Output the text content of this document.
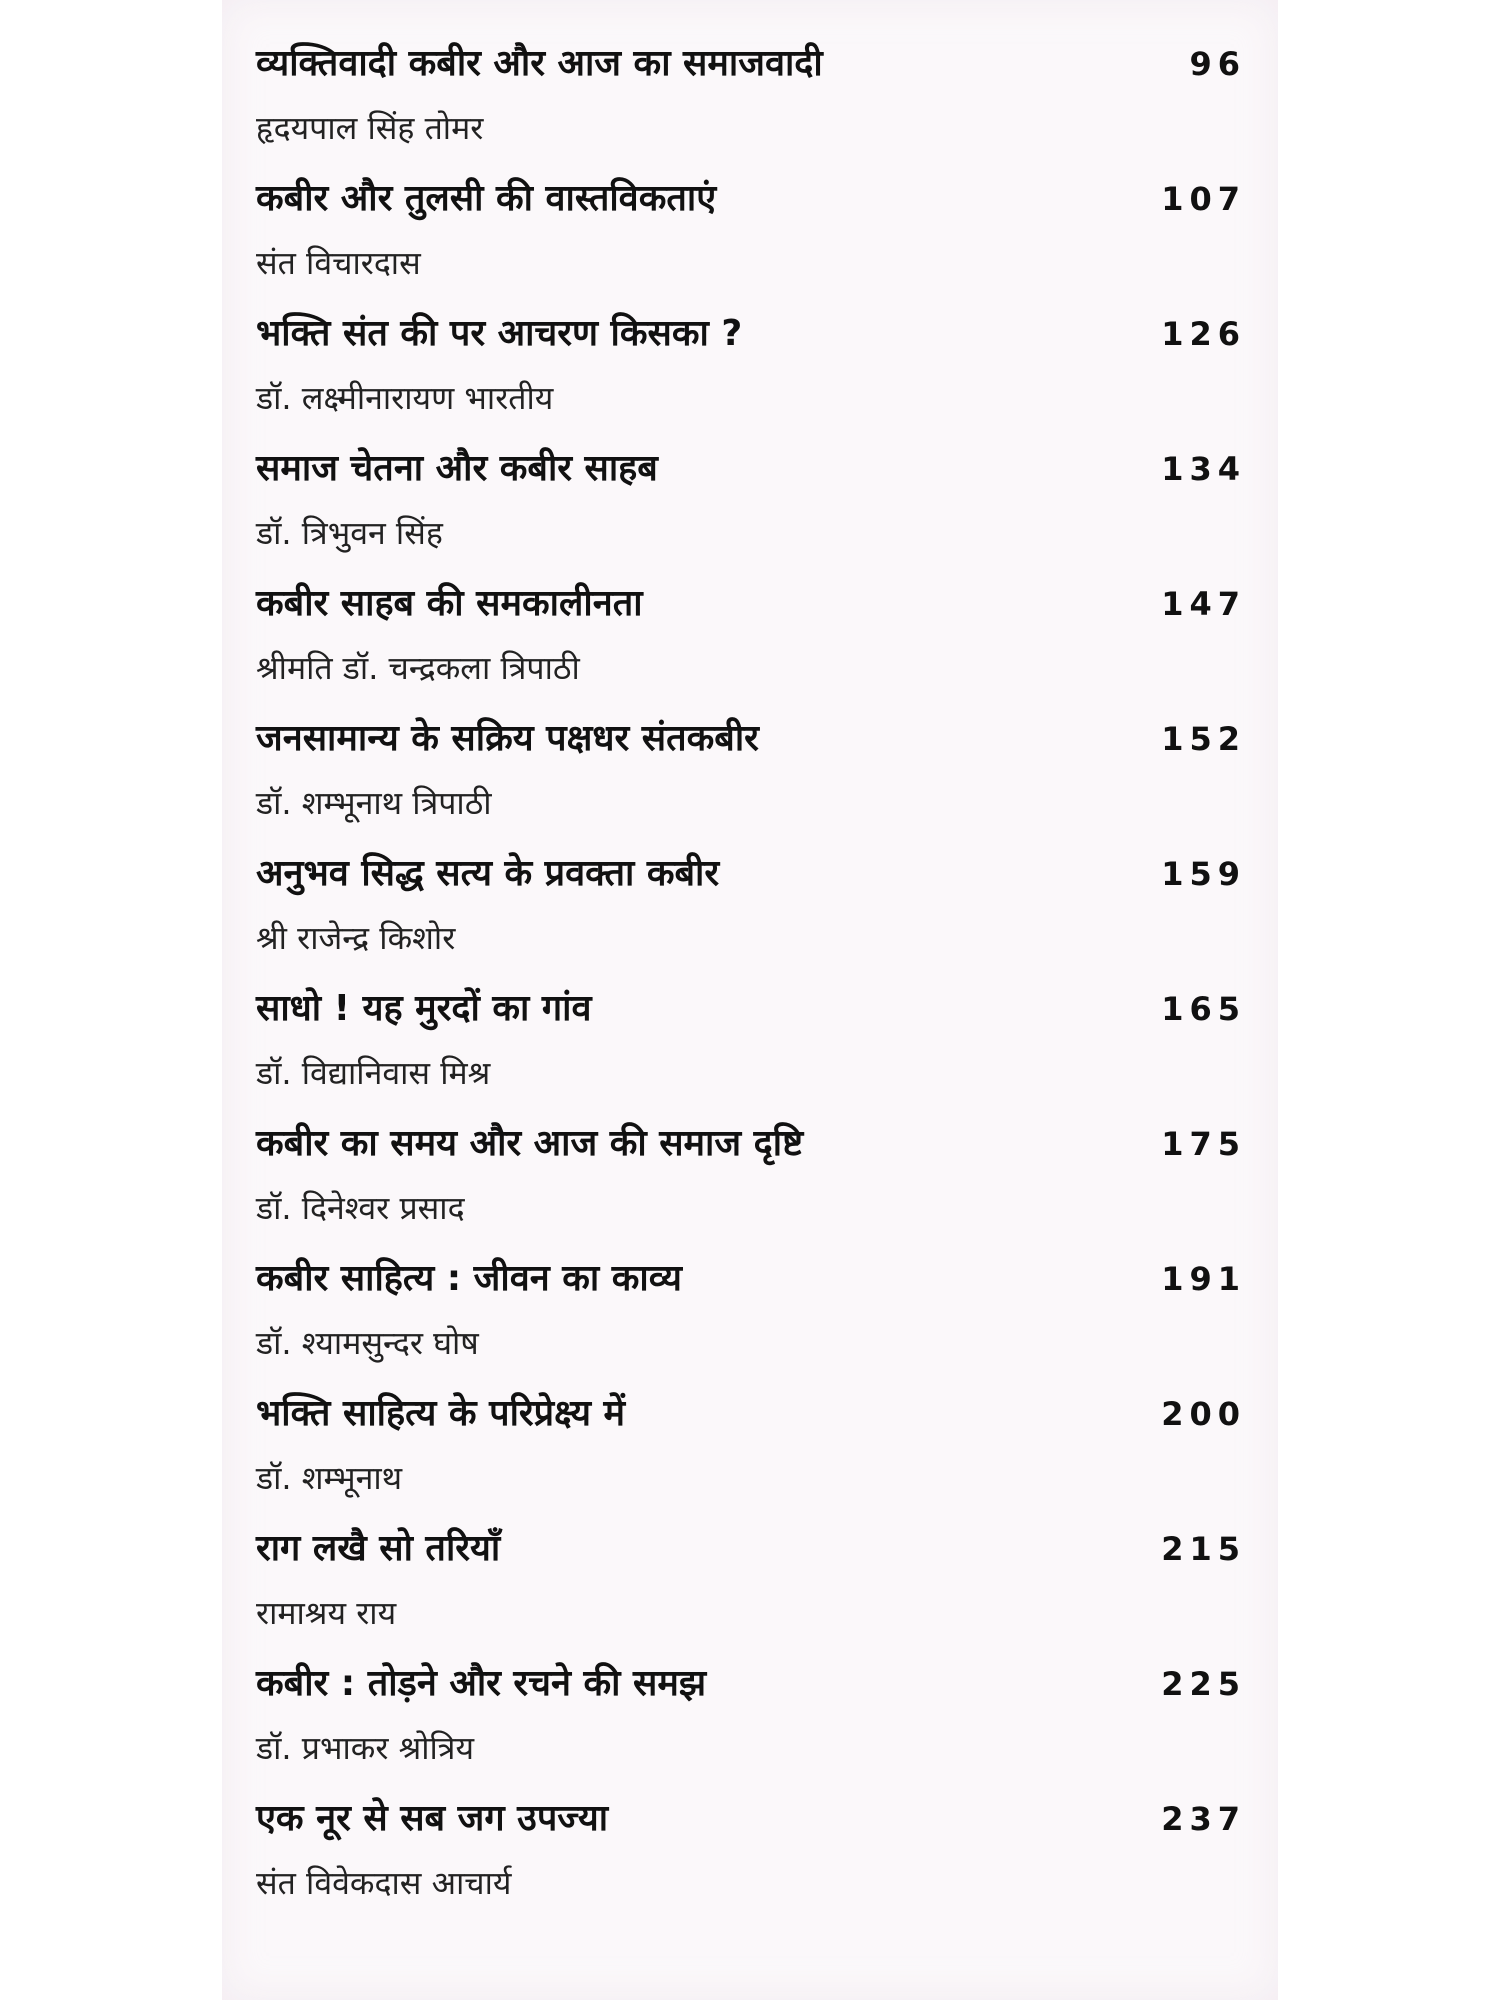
व्यक्तिवादी कबीर और आज का समाजवादी	96
हृदयपाल सिंह तोमर
कबीर और तुलसी की वास्तविकताएं	107
संत विचारदास
भक्ति संत की पर आचरण किसका ?	126
डॉ. लक्ष्मीनारायण भारतीय
समाज चेतना और कबीर साहब	134
डॉ. त्रिभुवन सिंह
कबीर साहब की समकालीनता	147
श्रीमति डॉ. चन्द्रकला त्रिपाठी
जनसामान्य के सक्रिय पक्षधर संतकबीर	152
डॉ. शम्भूनाथ त्रिपाठी
अनुभव सिद्ध सत्य के प्रवक्ता कबीर	159
श्री राजेन्द्र किशोर
साधो ! यह मुरदों का गांव	165
डॉ. विद्यानिवास मिश्र
कबीर का समय और आज की समाज दृष्टि	175
डॉ. दिनेश्वर प्रसाद
कबीर साहित्य : जीवन का काव्य	191
डॉ. श्यामसुन्दर घोष
भक्ति साहित्य के परिप्रेक्ष्य में	200
डॉ. शम्भूनाथ
राग लखै सो तरियाँ	215
रामाश्रय राय
कबीर : तोड़ने और रचने की समझ	225
डॉ. प्रभाकर श्रोत्रिय
एक नूर से सब जग उपज्या	237
संत विवेकदास आचार्य
